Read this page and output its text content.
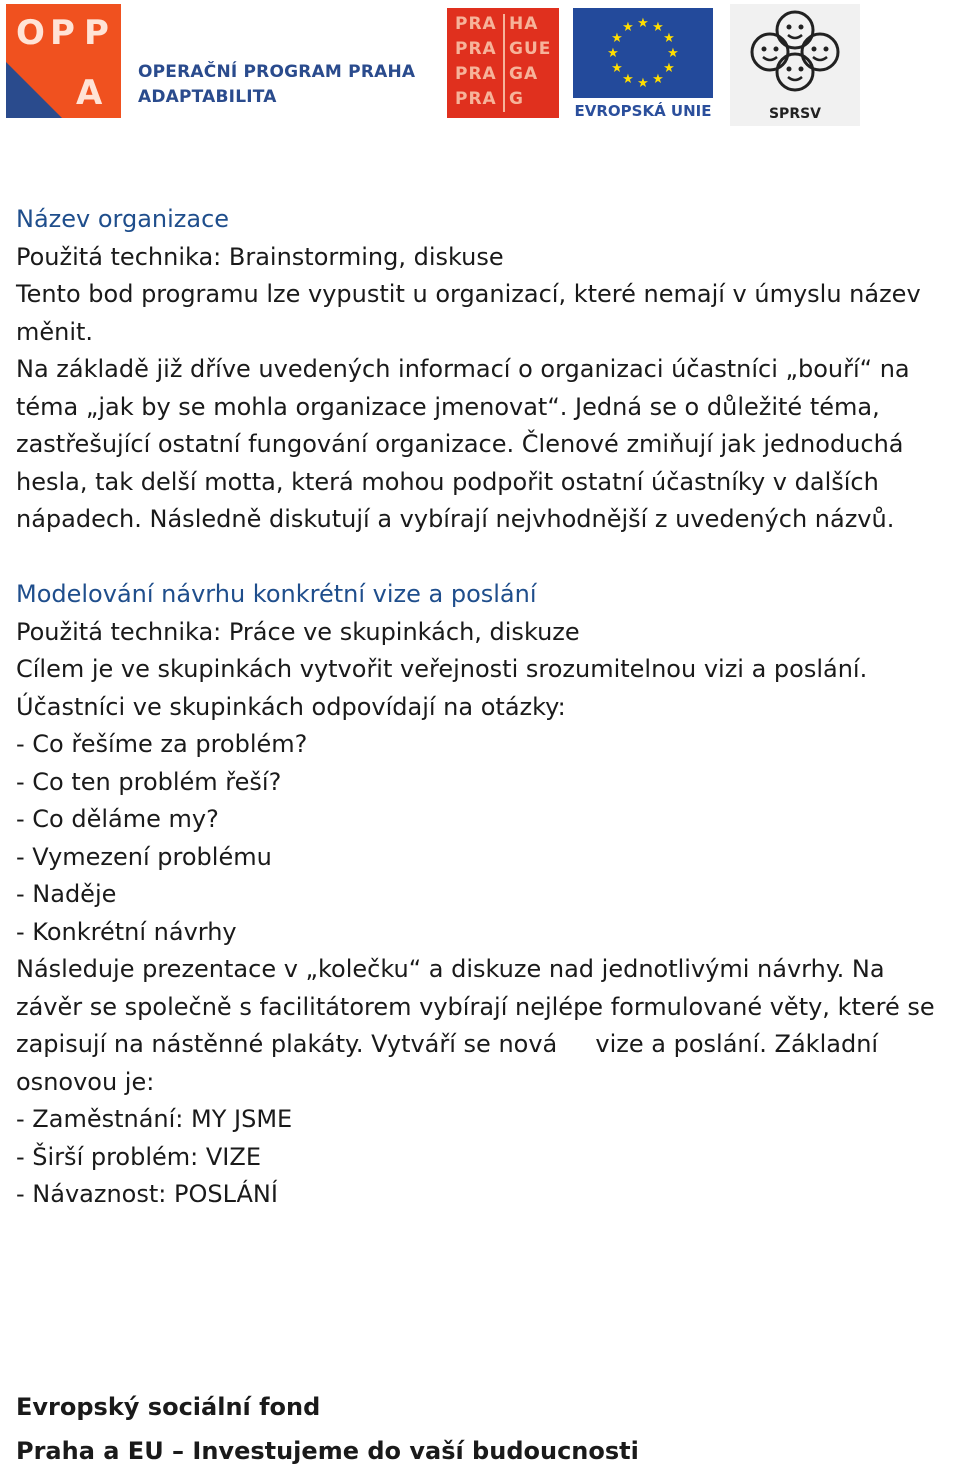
O P P
A
OPERAČNÍ PROGRAM PRAHA
ADAPTABILITA
PRA
PRA
PRA
PRA
HA
GUE
GA
G
★ ★
★
★
★
★
★
★
★
★
★
★
EVROPSKÁ UNIE	SPRSV

Název organizace

Použitá technika: Brainstorming, diskuse

Tento bod programu lze vypustit u organizací, které nemají v úmyslu název měnit.

Na základě již dříve uvedených informací o organizaci účastníci „bouří“ na téma „jak by se mohla organizace jmenovat“. Jedná se o důležité téma, zastřešující ostatní fungování organizace. Členové zmiňují jak jednoduchá hesla, tak delší motta, která mohou podpořit ostatní účastníky v dalších nápadech. Následně diskutují a vybírají nejvhodnější z uvedených názvů.

Modelování návrhu konkrétní vize a poslání

Použitá technika: Práce ve skupinkách, diskuze

Cílem je ve skupinkách vytvořit veřejnosti srozumitelnou vizi a poslání.

Účastníci ve skupinkách odpovídají na otázky:

- Co řešíme za problém?

- Co ten problém řeší?

- Co děláme my?

- Vymezení problému

- Naděje

- Konkrétní návrhy

Následuje prezentace v „kolečku“ a diskuze nad jednotlivými návrhy. Na závěr se společně s facilitátorem vybírají nejlépe formulované věty, které se zapisují na nástěnné plakáty. Vytváří se nová     vize a poslání. Základní osnovou je:

- Zaměstnání: MY JSME

- Širší problém: VIZE

- Návaznost: POSLÁNÍ

Evropský sociální fond

Praha a EU – Investujeme do vaší budoucnosti
